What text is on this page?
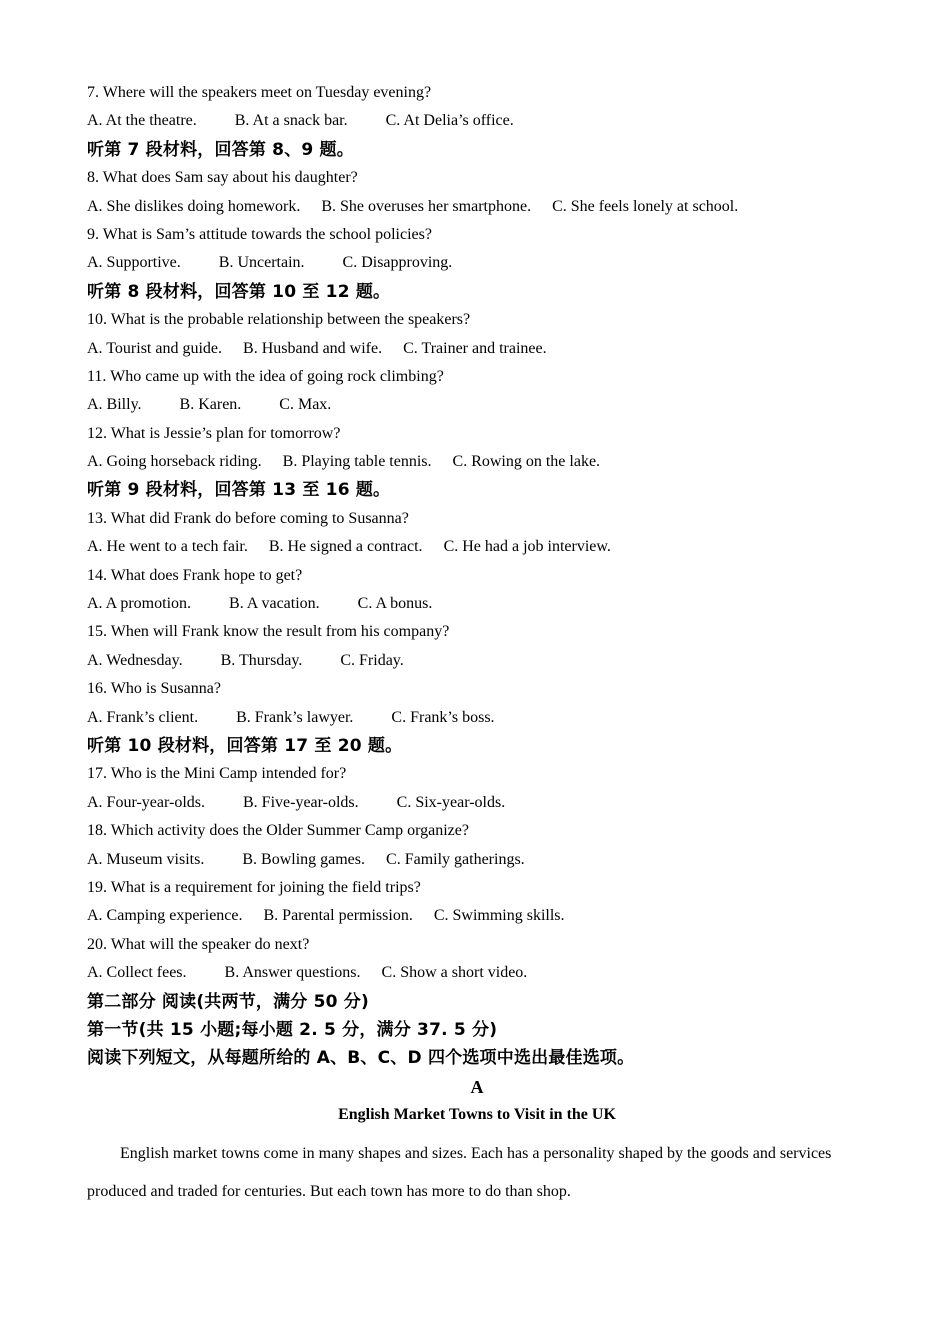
7. Where will the speakers meet on Tuesday evening?
A. At the theatre. B. At a snack bar. C. At Delia’s office.
听第 7 段材料，回答第 8、9 题。
8. What does Sam say about his daughter?
A. She dislikes doing homework. B. She overuses her smartphone. C. She feels lonely at school.
9. What is Sam’s attitude towards the school policies?
A. Supportive. B. Uncertain. C. Disapproving.
听第 8 段材料，回答第 10 至 12 题。
10. What is the probable relationship between the speakers?
A. Tourist and guide. B. Husband and wife. C. Trainer and trainee.
11. Who came up with the idea of going rock climbing?
A. Billy. B. Karen. C. Max.
12. What is Jessie’s plan for tomorrow?
A. Going horseback riding. B. Playing table tennis. C. Rowing on the lake.
听第 9 段材料，回答第 13 至 16 题。
13. What did Frank do before coming to Susanna?
A. He went to a tech fair. B. He signed a contract. C. He had a job interview.
14. What does Frank hope to get?
A. A promotion. B. A vacation. C. A bonus.
15. When will Frank know the result from his company?
A. Wednesday. B. Thursday. C. Friday.
16. Who is Susanna?
A. Frank’s client. B. Frank’s lawyer. C. Frank’s boss.
听第 10 段材料，回答第 17 至 20 题。
17. Who is the Mini Camp intended for?
A. Four-year-olds. B. Five-year-olds. C. Six-year-olds.
18. Which activity does the Older Summer Camp organize?
A. Museum visits. B. Bowling games. C. Family gatherings.
19. What is a requirement for joining the field trips?
A. Camping experience. B. Parental permission. C. Swimming skills.
20. What will the speaker do next?
A. Collect fees. B. Answer questions. C. Show a short video.
第二部分 阅读(共两节，满分 50 分)
第一节(共 15 小题;每小题 2. 5 分，满分 37. 5 分)
阅读下列短文，从每题所给的 A、B、C、D 四个选项中选出最佳选项。
A
English Market Towns to Visit in the UK
English market towns come in many shapes and sizes. Each has a personality shaped by the goods and services produced and traded for centuries. But each town has more to do than shop.
